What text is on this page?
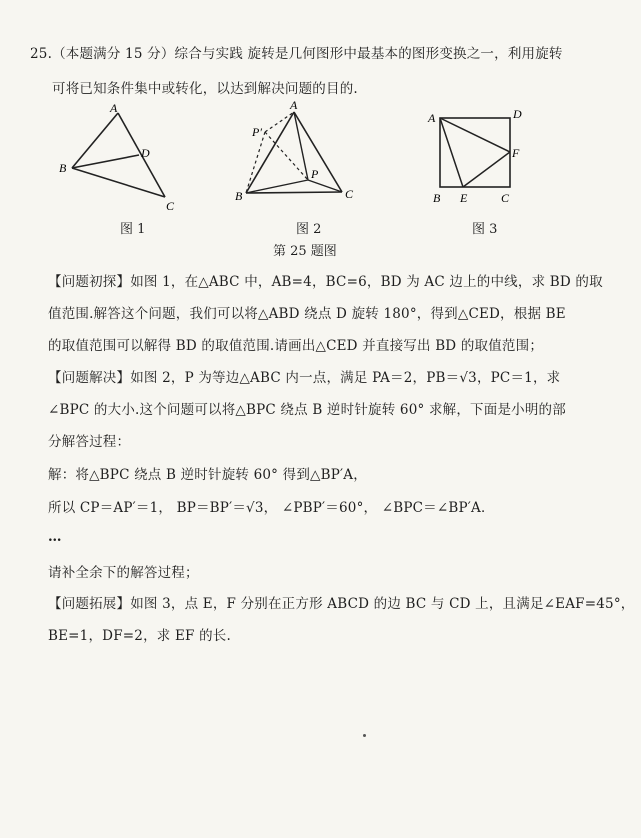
25.（本题满分 15 分）综合与实践 旋转是几何图形中最基本的图形变换之一，利用旋转
可将已知条件集中或转化，以达到解决问题的目的.
A
B
C
D
图 1
A
B	C
P
P′
图 2
A	D
B E	C
F
图 3
第 25 题图
【问题初探】如图 1，在△ABC 中，AB=4，BC=6，BD 为 AC 边上的中线，求 BD 的取
值范围.解答这个问题，我们可以将△ABD 绕点 D 旋转 180°，得到△CED，根据 BE
的取值范围可以解得 BD 的取值范围.请画出△CED 并直接写出 BD 的取值范围；
【问题解决】如图 2，P 为等边△ABC 内一点，满足 PA＝2，PB＝√3，PC＝1，求
∠BPC 的大小.这个问题可以将△BPC 绕点 B 逆时针旋转 60° 求解，下面是小明的部
分解答过程：
解：将△BPC 绕点 B 逆时针旋转 60° 得到△BP′A，
所以 CP＝AP′＝1， BP＝BP′＝√3， ∠PBP′＝60°， ∠BPC＝∠BP′A．
…
请补全余下的解答过程；
【问题拓展】如图 3，点 E，F 分别在正方形 ABCD 的边 BC 与 CD 上，且满足∠EAF=45°，
BE=1，DF=2，求 EF 的长.
